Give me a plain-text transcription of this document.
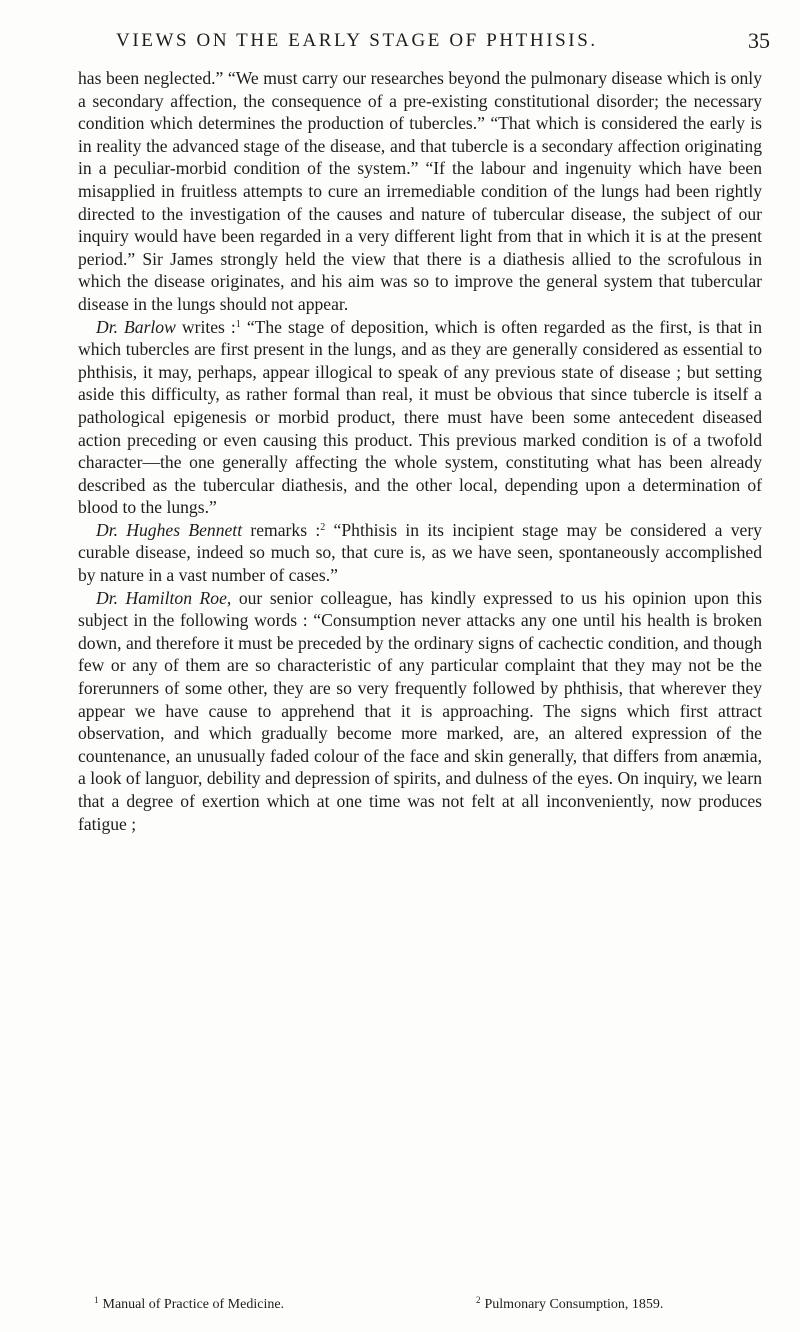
VIEWS ON THE EARLY STAGE OF PHTHISIS.	35

has been neglected.” “We must carry our researches beyond the pulmonary disease which is only a secondary affection, the consequence of a pre-existing constitutional disorder; the necessary condition which determines the production of tubercles.” “That which is considered the early is in reality the advanced stage of the disease, and that tubercle is a secondary affection originating in a peculiar-morbid condition of the system.” “If the labour and ingenuity which have been misapplied in fruitless attempts to cure an irremediable condition of the lungs had been rightly directed to the investigation of the causes and nature of tubercular disease, the subject of our inquiry would have been regarded in a very different light from that in which it is at the present period.” Sir James strongly held the view that there is a diathesis allied to the scrofulous in which the disease originates, and his aim was so to improve the general system that tubercular disease in the lungs should not appear.

Dr. Barlow writes :$^1$ “The stage of deposition, which is often regarded as the first, is that in which tubercles are first present in the lungs, and as they are generally considered as essential to phthisis, it may, perhaps, appear illogical to speak of any previous state of disease ; but setting aside this difficulty, as rather formal than real, it must be obvious that since tubercle is itself a pathological epigenesis or morbid product, there must have been some antecedent diseased action preceding or even causing this product. This previous marked condition is of a twofold character—the one generally affecting the whole system, constituting what has been already described as the tubercular diathesis, and the other local, depending upon a determination of blood to the lungs.”

Dr. Hughes Bennett remarks :$^2$ “Phthisis in its incipient stage may be considered a very curable disease, indeed so much so, that cure is, as we have seen, spontaneously accomplished by nature in a vast number of cases.”

Dr. Hamilton Roe, our senior colleague, has kindly expressed to us his opinion upon this subject in the following words : “Consumption never attacks any one until his health is broken down, and therefore it must be preceded by the ordinary signs of cachectic condition, and though few or any of them are so characteristic of any particular complaint that they may not be the forerunners of some other, they are so very frequently followed by phthisis, that wherever they appear we have cause to apprehend that it is approaching. The signs which first attract observation, and which gradually become more marked, are, an altered expression of the countenance, an unusually faded colour of the face and skin generally, that differs from anæmia, a look of languor, debility and depression of spirits, and dulness of the eyes. On inquiry, we learn that a degree of exertion which at one time was not felt at all inconveniently, now produces fatigue ;

$^1$ Manual of Practice of Medicine.	$^2$ Pulmonary Consumption, 1859.
